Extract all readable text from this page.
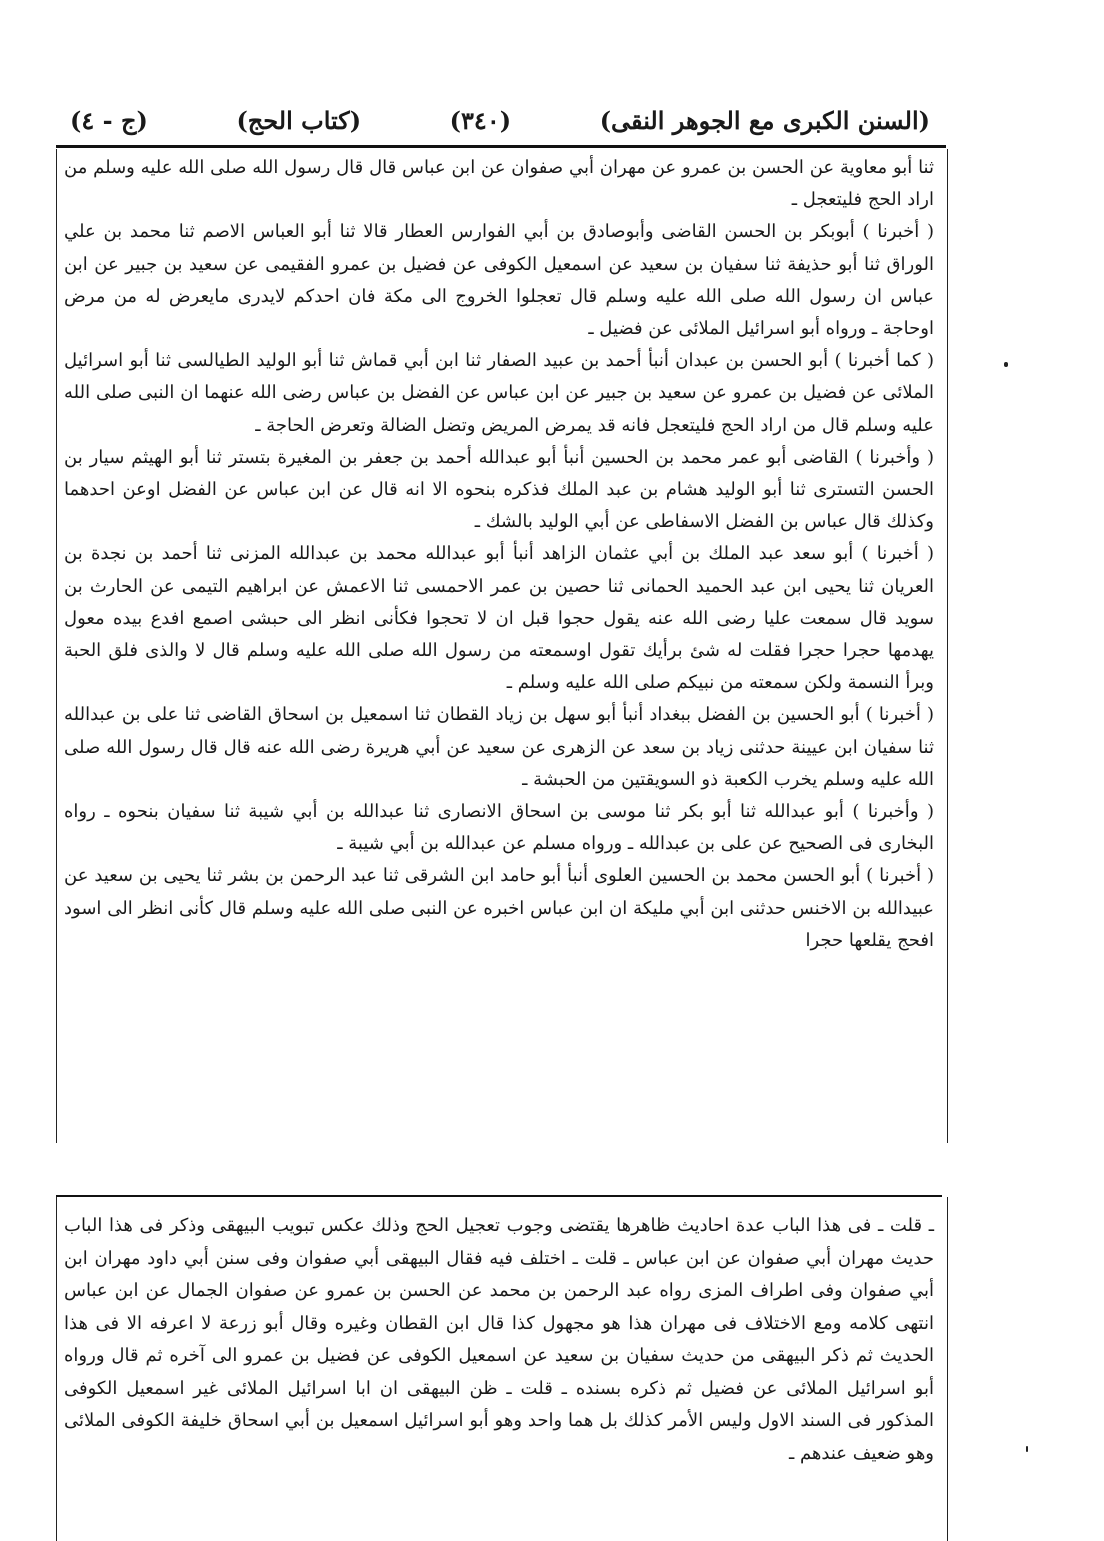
(السنن الكبرى مع الجوهر النقى)
(٣٤٠)
(كتاب الحج)
(ج - ٤)

ثنا أبو معاوية عن الحسن بن عمرو عن مهران أبي صفوان عن ابن عباس قال قال رسول الله صلى الله عليه وسلم من اراد الحج فليتعجل ـ

( أخبرنا ) أبوبكر بن الحسن القاضى وأبوصادق بن أبي الفوارس العطار قالا ثنا أبو العباس الاصم ثنا محمد بن علي الوراق ثنا أبو حذيفة ثنا سفيان بن سعيد عن اسمعيل الكوفى عن فضيل بن عمرو الفقيمى عن سعيد بن جبير عن ابن عباس ان رسول الله صلى الله عليه وسلم قال تعجلوا الخروج الى مكة فان احدكم لايدرى مايعرض له من مرض اوحاجة ـ ورواه أبو اسرائيل الملائى عن فضيل ـ

( كما أخبرنا ) أبو الحسن بن عبدان أنبأ أحمد بن عبيد الصفار ثنا ابن أبي قماش ثنا أبو الوليد الطيالسى ثنا أبو اسرائيل الملائى عن فضيل بن عمرو عن سعيد بن جبير عن ابن عباس عن الفضل بن عباس رضى الله عنهما ان النبى صلى الله عليه وسلم قال من اراد الحج فليتعجل فانه قد يمرض المريض وتضل الضالة وتعرض الحاجة ـ

( وأخبرنا ) القاضى أبو عمر محمد بن الحسين أنبأ أبو عبدالله أحمد بن جعفر بن المغيرة بتستر ثنا أبو الهيثم سيار بن الحسن التسترى ثنا أبو الوليد هشام بن عبد الملك فذكره بنحوه الا انه قال عن ابن عباس عن الفضل اوعن احدهما وكذلك قال عباس بن الفضل الاسفاطى عن أبي الوليد بالشك ـ

( أخبرنا ) أبو سعد عبد الملك بن أبي عثمان الزاهد أنبأ أبو عبدالله محمد بن عبدالله المزنى ثنا أحمد بن نجدة بن العريان ثنا يحيى ابن عبد الحميد الحمانى ثنا حصين بن عمر الاحمسى ثنا الاعمش عن ابراهيم التيمى عن الحارث بن سويد قال سمعت عليا رضى الله عنه يقول حجوا قبل ان لا تحجوا فكأنى انظر الى حبشى اصمع افدع بيده معول يهدمها حجرا حجرا فقلت له شئ برأيك تقول اوسمعته من رسول الله صلى الله عليه وسلم قال لا والذى فلق الحبة وبرأ النسمة ولكن سمعته من نبيكم صلى الله عليه وسلم ـ

( أخبرنا ) أبو الحسين بن الفضل ببغداد أنبأ أبو سهل بن زياد القطان ثنا اسمعيل بن اسحاق القاضى ثنا على بن عبدالله ثنا سفيان ابن عيينة حدثنى زياد بن سعد عن الزهرى عن سعيد عن أبي هريرة رضى الله عنه قال قال رسول الله صلى الله عليه وسلم يخرب الكعبة ذو السويقتين من الحبشة ـ

( وأخبرنا ) أبو عبدالله ثنا أبو بكر ثنا موسى بن اسحاق الانصارى ثنا عبدالله بن أبي شيبة ثنا سفيان بنحوه ـ رواه البخارى فى الصحيح عن على بن عبدالله ـ ورواه مسلم عن عبدالله بن أبي شيبة ـ

( أخبرنا ) أبو الحسن محمد بن الحسين العلوى أنبأ أبو حامد ابن الشرقى ثنا عبد الرحمن بن بشر ثنا يحيى بن سعيد عن عبيدالله بن الاخنس حدثنى ابن أبي مليكة ان ابن عباس اخبره عن النبى صلى الله عليه وسلم قال كأنى انظر الى اسود افحج يقلعها حجرا

ـ قلت ـ فى هذا الباب عدة احاديث ظاهرها يقتضى وجوب تعجيل الحج وذلك عكس تبويب البيهقى وذكر فى هذا الباب حديث مهران أبي صفوان عن ابن عباس ـ قلت ـ اختلف فيه فقال البيهقى أبي صفوان وفى سنن أبي داود مهران ابن أبي صفوان وفى اطراف المزى رواه عبد الرحمن بن محمد عن الحسن بن عمرو عن صفوان الجمال عن ابن عباس انتهى كلامه ومع الاختلاف فى مهران هذا هو مجهول كذا قال ابن القطان وغيره وقال أبو زرعة لا اعرفه الا فى هذا الحديث ثم ذكر البيهقى من حديث سفيان بن سعيد عن اسمعيل الكوفى عن فضيل بن عمرو الى آخره ثم قال ورواه أبو اسرائيل الملائى عن فضيل ثم ذكره بسنده ـ قلت ـ ظن البيهقى ان ابا اسرائيل الملائى غير اسمعيل الكوفى المذكور فى السند الاول وليس الأمر كذلك بل هما واحد وهو أبو اسرائيل اسمعيل بن أبي اسحاق خليفة الكوفى الملائى وهو ضعيف عندهم ـ
